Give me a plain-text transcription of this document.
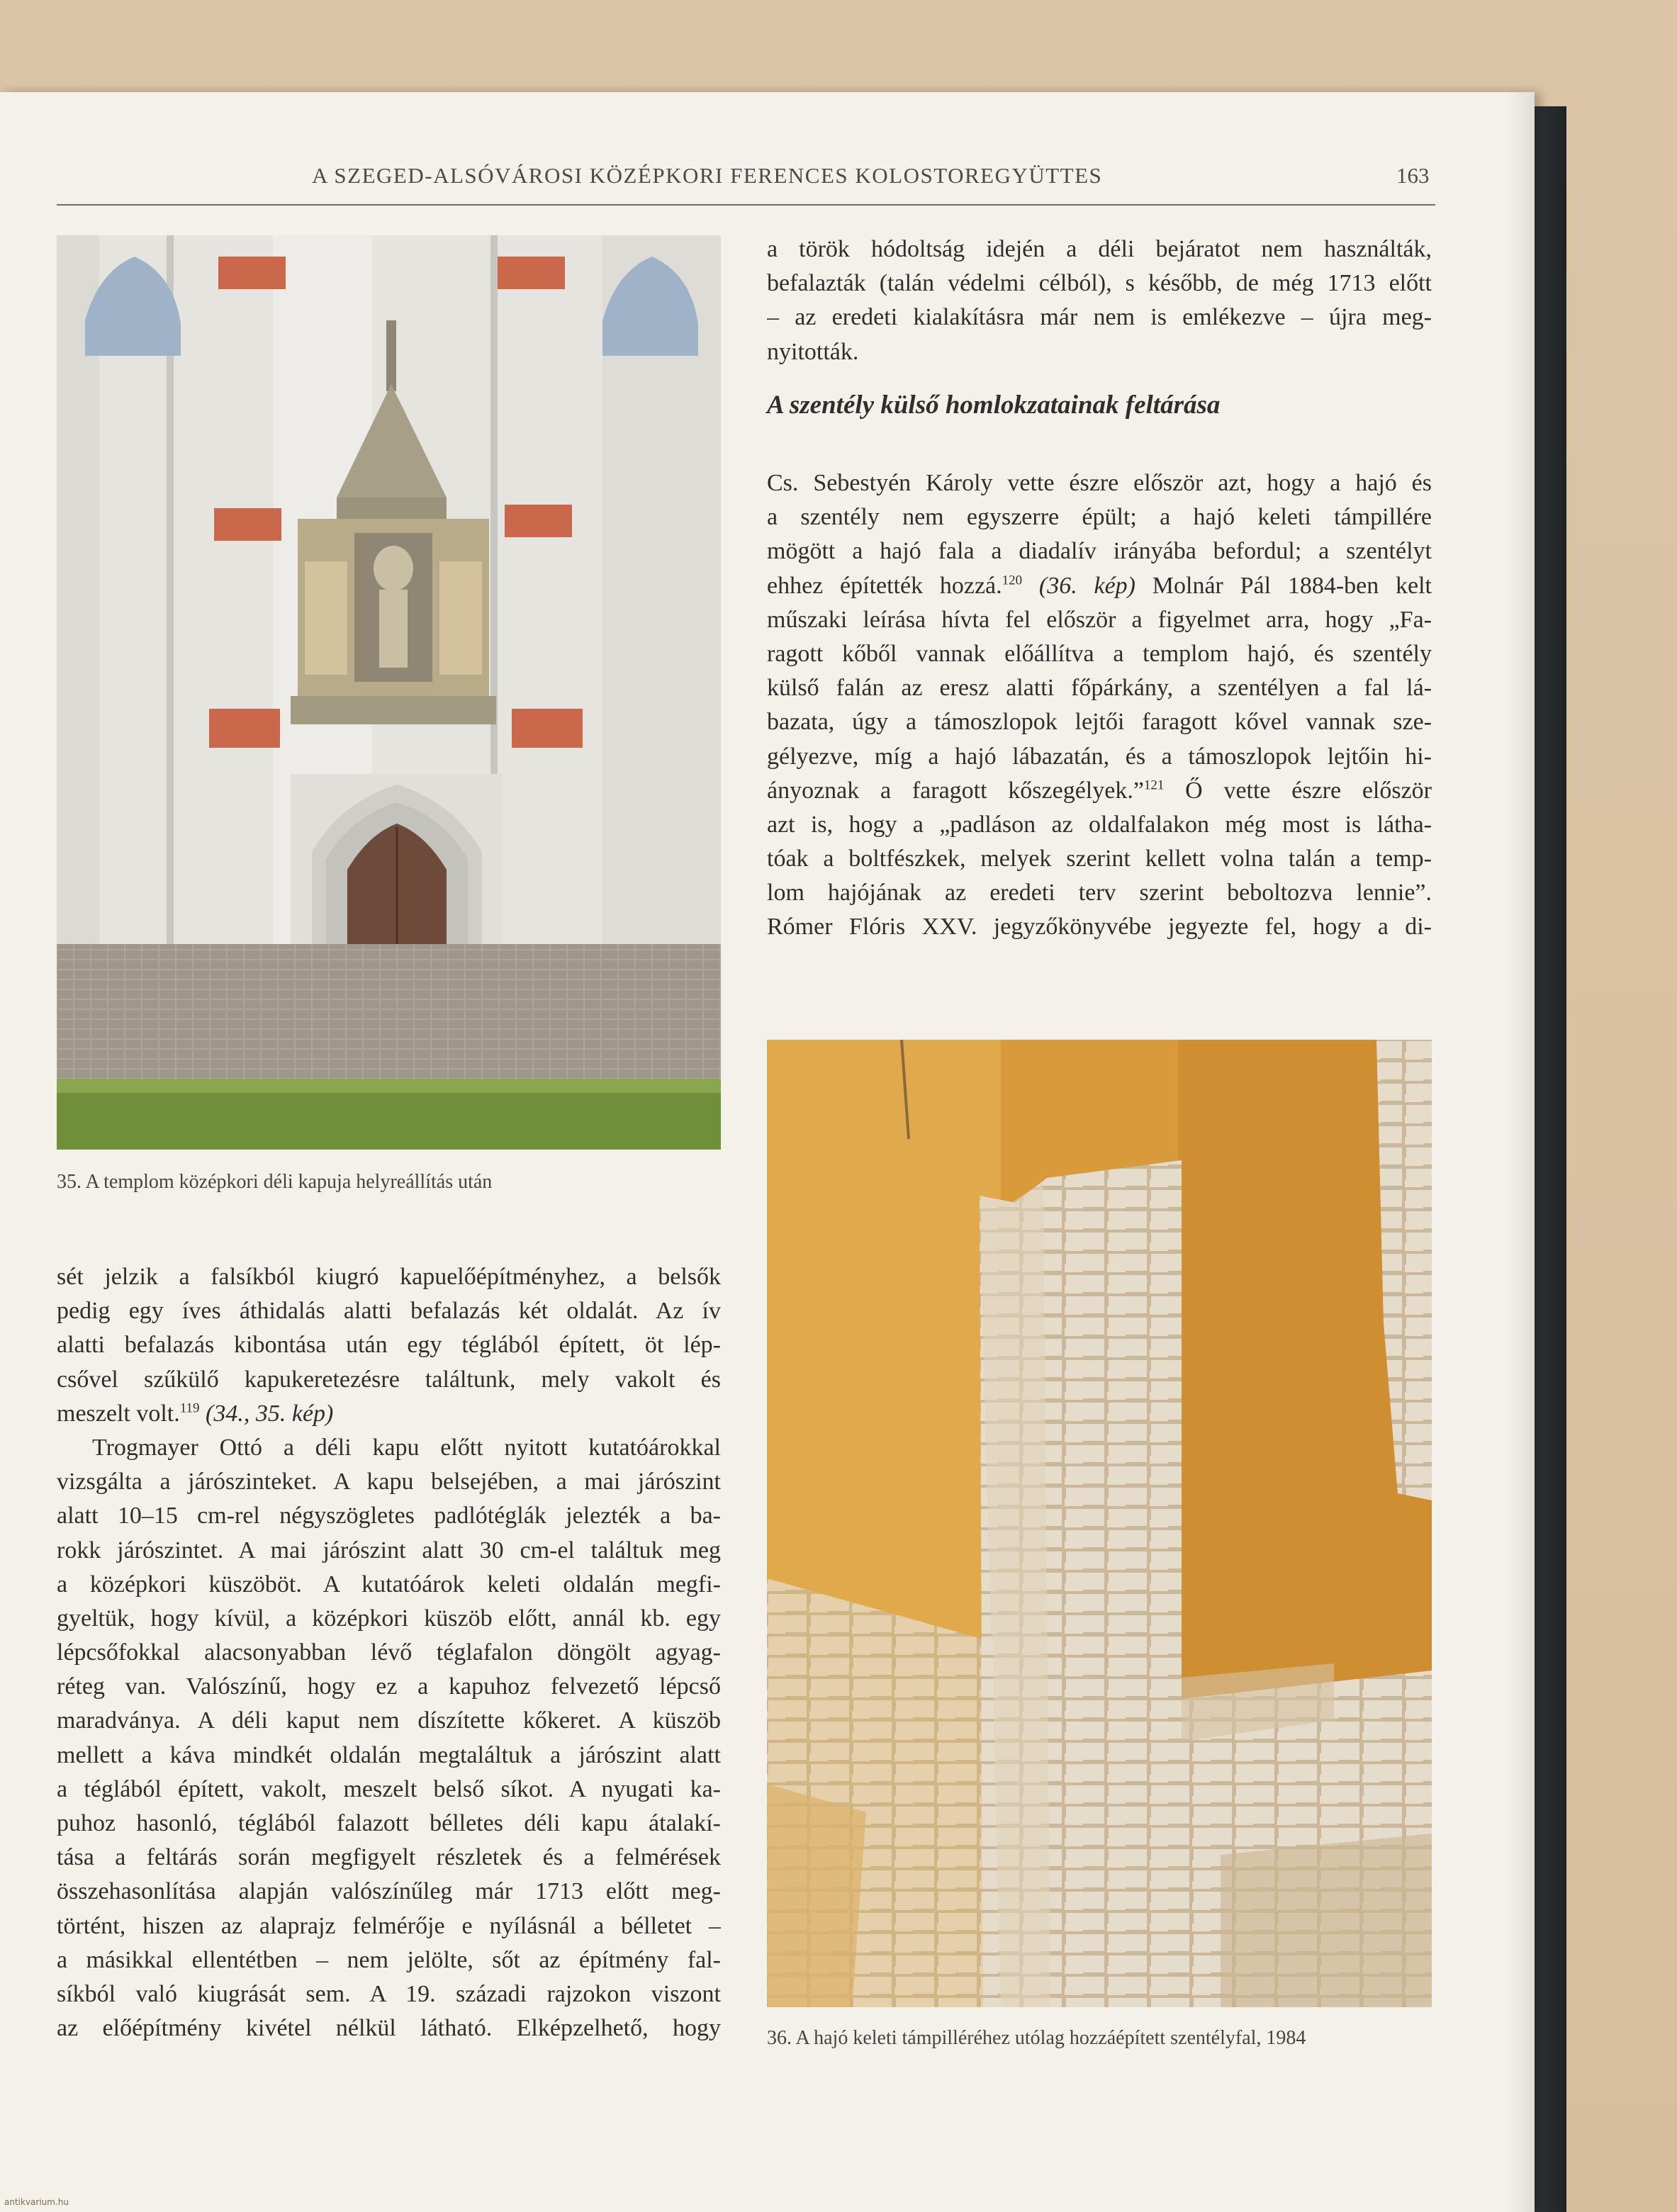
A SZEGED-ALSÓVÁROSI KÖZÉPKORI FERENCES KOLOSTOREGYÜTTES	163
35. A templom középkori déli kapuja helyreállítás után
36. A hajó keleti támpilléréhez utólag hozzáépített szentélyfal, 1984
a török hódoltság idején a déli bejáratot nem használták,
befalazták (talán védelmi célból), s később, de még 1713 előtt
– az eredeti kialakításra már nem is emlékezve – újra meg-
nyitották.
A szentély külső homlokzatainak feltárása
Cs. Sebestyén Károly vette észre először azt, hogy a hajó és
a szentély nem egyszerre épült; a hajó keleti támpillére
mögött a hajó fala a diadalív irányába befordul; a szentélyt
ehhez építették hozzá.$^{120}$ (36. kép) Molnár Pál 1884-ben kelt
műszaki leírása hívta fel először a figyelmet arra, hogy „Fa-
ragott kőből vannak előállítva a templom hajó, és szentély
külső falán az eresz alatti főpárkány, a szentélyen a fal lá-
bazata, úgy a támoszlopok lejtői faragott kővel vannak sze-
gélyezve, míg a hajó lábazatán, és a támoszlopok lejtőin hi-
ányoznak a faragott kőszegélyek.”$^{121}$ Ő vette észre először
azt is, hogy a „padláson az oldalfalakon még most is látha-
tóak a boltfészkek, melyek szerint kellett volna talán a temp-
lom hajójának az eredeti terv szerint beboltozva lennie”.
Rómer Flóris XXV. jegyzőkönyvébe jegyezte fel, hogy a di-
sét jelzik a falsíkból kiugró kapuelőépítményhez, a belsők
pedig egy íves áthidalás alatti befalazás két oldalát. Az ív
alatti befalazás kibontása után egy téglából épített, öt lép-
csővel szűkülő kapukeretezésre találtunk, mely vakolt és
meszelt volt.$^{119}$ (34., 35. kép)
Trogmayer Ottó a déli kapu előtt nyitott kutatóárokkal
vizsgálta a járószinteket. A kapu belsejében, a mai járószint
alatt 10–15 cm-rel négyszögletes padlótéglák jelezték a ba-
rokk járószintet. A mai járószint alatt 30 cm-el találtuk meg
a középkori küszöböt. A kutatóárok keleti oldalán megfi-
gyeltük, hogy kívül, a középkori küszöb előtt, annál kb. egy
lépcsőfokkal alacsonyabban lévő téglafalon döngölt agyag-
réteg van. Valószínű, hogy ez a kapuhoz felvezető lépcső
maradványa. A déli kaput nem díszítette kőkeret. A küszöb
mellett a káva mindkét oldalán megtaláltuk a járószint alatt
a téglából épített, vakolt, meszelt belső síkot. A nyugati ka-
puhoz hasonló, téglából falazott bélletes déli kapu átalakí-
tása a feltárás során megfigyelt részletek és a felmérések
összehasonlítása alapján valószínűleg már 1713 előtt meg-
történt, hiszen az alaprajz felmérője e nyílásnál a bélletet –
a másikkal ellentétben – nem jelölte, sőt az építmény fal-
síkból való kiugrását sem. A 19. századi rajzokon viszont
az előépítmény kivétel nélkül látható. Elképzelhető, hogy
antikvarium.hu
